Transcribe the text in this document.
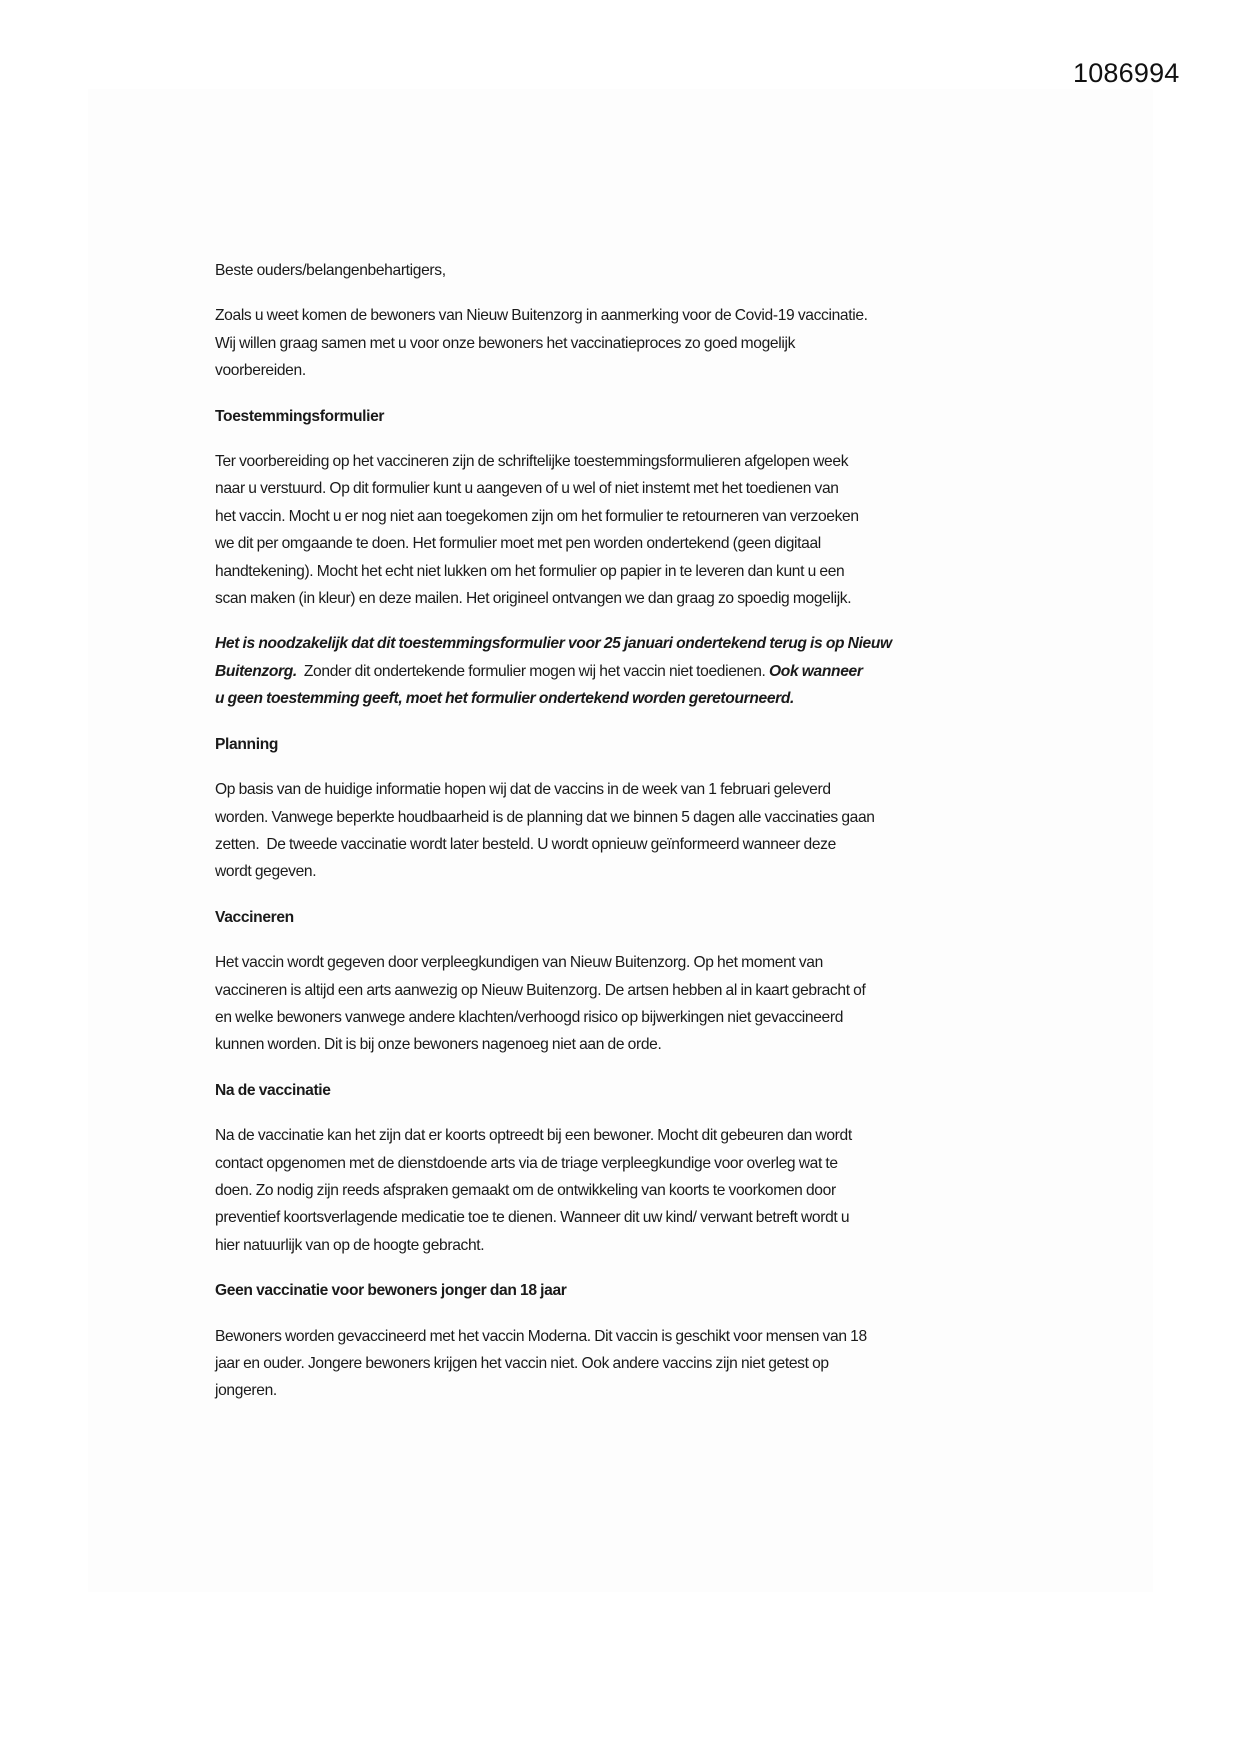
1086994

Beste ouders/belangenbehartigers,

Zoals u weet komen de bewoners van Nieuw Buitenzorg in aanmerking voor de Covid-19 vaccinatie.
Wij willen graag samen met u voor onze bewoners het vaccinatieproces zo goed mogelijk
voorbereiden.

Toestemmingsformulier

Ter voorbereiding op het vaccineren zijn de schriftelijke toestemmingsformulieren afgelopen week
naar u verstuurd. Op dit formulier kunt u aangeven of u wel of niet instemt met het toedienen van
het vaccin. Mocht u er nog niet aan toegekomen zijn om het formulier te retourneren van verzoeken
we dit per omgaande te doen. Het formulier moet met pen worden ondertekend (geen digitaal
handtekening). Mocht het echt niet lukken om het formulier op papier in te leveren dan kunt u een
scan maken (in kleur) en deze mailen. Het origineel ontvangen we dan graag zo spoedig mogelijk.

Het is noodzakelijk dat dit toestemmingsformulier voor 25 januari ondertekend terug is op Nieuw
Buitenzorg.  Zonder dit ondertekende formulier mogen wij het vaccin niet toedienen. Ook wanneer
u geen toestemming geeft, moet het formulier ondertekend worden geretourneerd.

Planning

Op basis van de huidige informatie hopen wij dat de vaccins in de week van 1 februari geleverd
worden. Vanwege beperkte houdbaarheid is de planning dat we binnen 5 dagen alle vaccinaties gaan
zetten.  De tweede vaccinatie wordt later besteld. U wordt opnieuw geïnformeerd wanneer deze
wordt gegeven.

Vaccineren

Het vaccin wordt gegeven door verpleegkundigen van Nieuw Buitenzorg. Op het moment van
vaccineren is altijd een arts aanwezig op Nieuw Buitenzorg. De artsen hebben al in kaart gebracht of
en welke bewoners vanwege andere klachten/verhoogd risico op bijwerkingen niet gevaccineerd
kunnen worden. Dit is bij onze bewoners nagenoeg niet aan de orde.

Na de vaccinatie

Na de vaccinatie kan het zijn dat er koorts optreedt bij een bewoner. Mocht dit gebeuren dan wordt
contact opgenomen met de dienstdoende arts via de triage verpleegkundige voor overleg wat te
doen. Zo nodig zijn reeds afspraken gemaakt om de ontwikkeling van koorts te voorkomen door
preventief koortsverlagende medicatie toe te dienen. Wanneer dit uw kind/ verwant betreft wordt u
hier natuurlijk van op de hoogte gebracht.

Geen vaccinatie voor bewoners jonger dan 18 jaar

Bewoners worden gevaccineerd met het vaccin Moderna. Dit vaccin is geschikt voor mensen van 18
jaar en ouder. Jongere bewoners krijgen het vaccin niet. Ook andere vaccins zijn niet getest op
jongeren.
